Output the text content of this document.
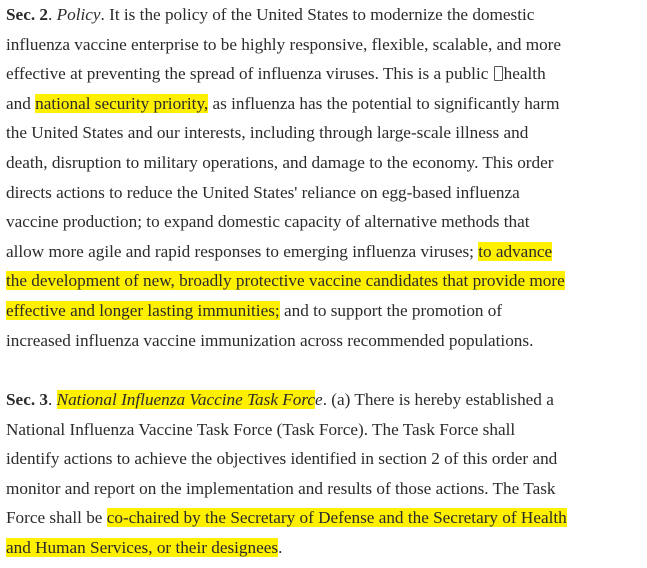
Sec. 2. Policy. It is the policy of the United States to modernize the domestic
influenza vaccine enterprise to be highly responsive, flexible, scalable, and more
effective at preventing the spread of influenza viruses. This is a public health
and national security priority, as influenza has the potential to significantly harm
the United States and our interests, including through large-scale illness and
death, disruption to military operations, and damage to the economy. This order
directs actions to reduce the United States' reliance on egg-based influenza
vaccine production; to expand domestic capacity of alternative methods that
allow more agile and rapid responses to emerging influenza viruses; to advance
the development of new, broadly protective vaccine candidates that provide more
effective and longer lasting immunities; and to support the promotion of
increased influenza vaccine immunization across recommended populations.

Sec. 3. National Influenza Vaccine Task Force. (a) There is hereby established a
National Influenza Vaccine Task Force (Task Force). The Task Force shall
identify actions to achieve the objectives identified in section 2 of this order and
monitor and report on the implementation and results of those actions. The Task
Force shall be co-chaired by the Secretary of Defense and the Secretary of Health
and Human Services, or their designees.
